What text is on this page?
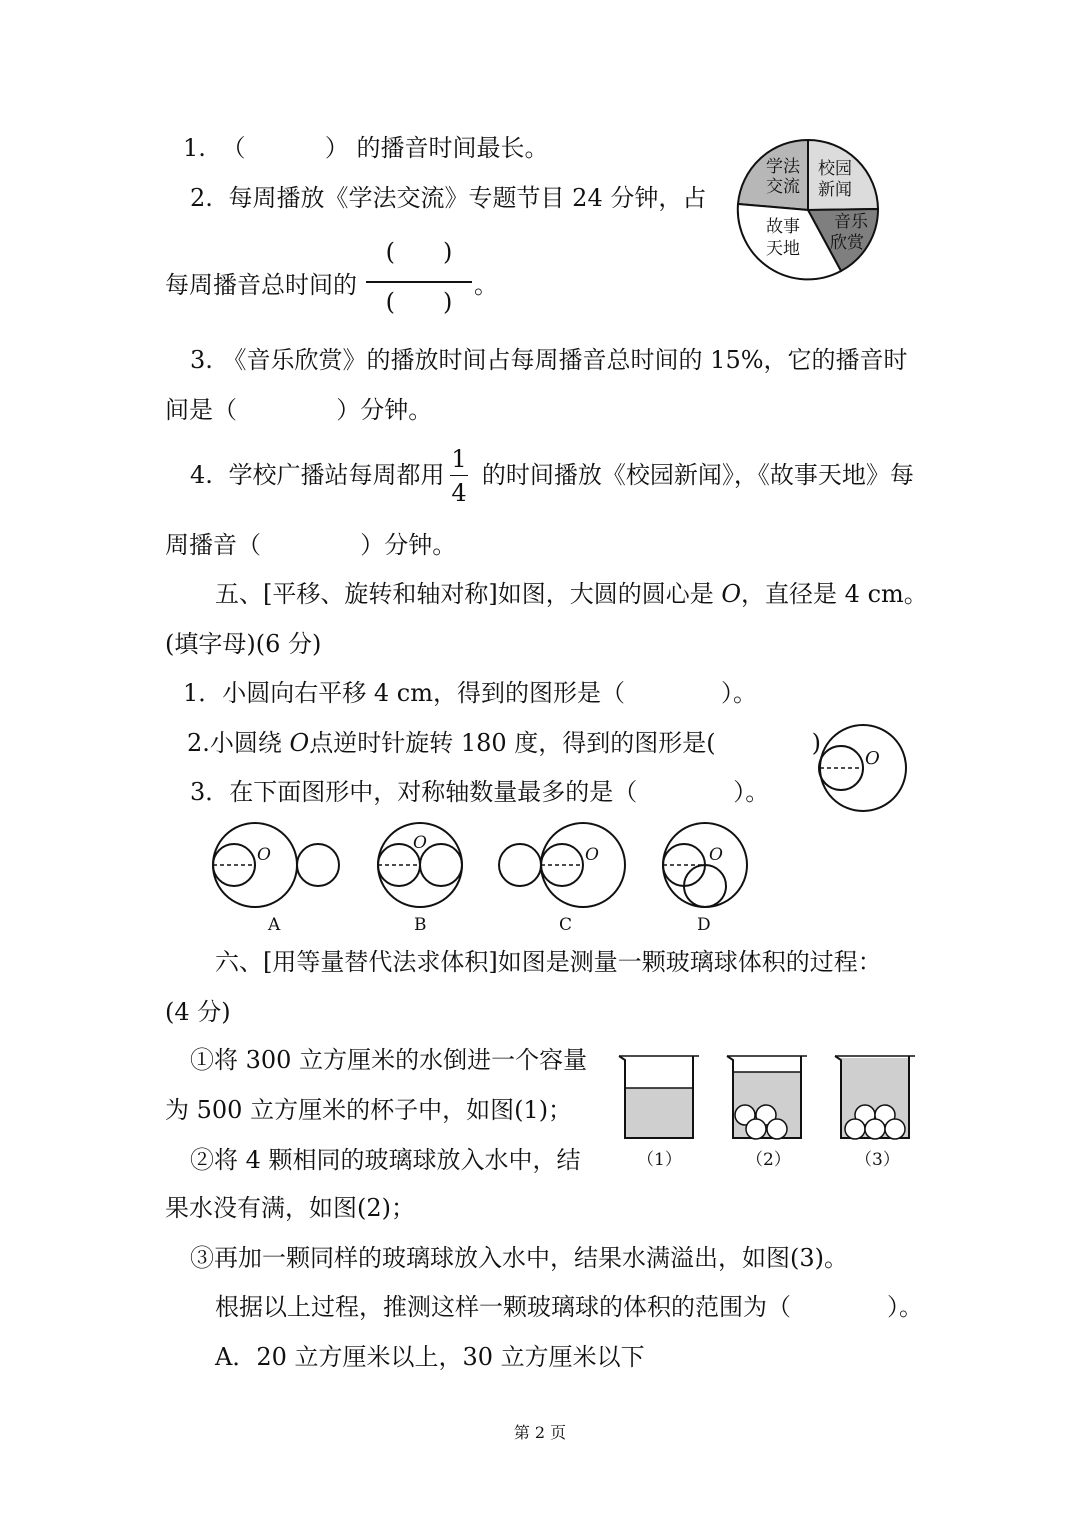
1. （	） 的播音时间最长。
2. 每周播放《学法交流》专题节目 24 分钟，占
每周播音总时间的
(　　)
(　　)
。
3. 《音乐欣赏》的播放时间占每周播音总时间的 15%，它的播音时
间是（	）分钟。
4. 学校广播站每周都用 的时间播放《校园新闻》，《故事天地》每
1
4
周播音（	）分钟。
学法
交流
校园
新闻
音乐
欣赏
故事
天地
五、[平移、旋转和轴对称]如图，大圆的圆心是 O，直径是 4 cm。
(填字母)(6 分)
1．小圆向右平移 4 cm，得到的图形是（　　　　）。
2.小圆绕 O点逆时针旋转 180 度，得到的图形是(　　　　)
3．在下面图形中，对称轴数量最多的是（　　　　）。
O
O
A
O
B
O
C
O
D
六、[用等量替代法求体积]如图是测量一颗玻璃球体积的过程：
(4 分)
①将 300 立方厘米的水倒进一个容量
为 500 立方厘米的杯子中，如图(1)；
②将 4 颗相同的玻璃球放入水中，结
果水没有满，如图(2)；
③再加一颗同样的玻璃球放入水中，结果水满溢出，如图(3)。
根据以上过程，推测这样一颗玻璃球的体积的范围为（　　　　）。
A．20 立方厘米以上，30 立方厘米以下
（1）	（2）	（3）
第 2 页
